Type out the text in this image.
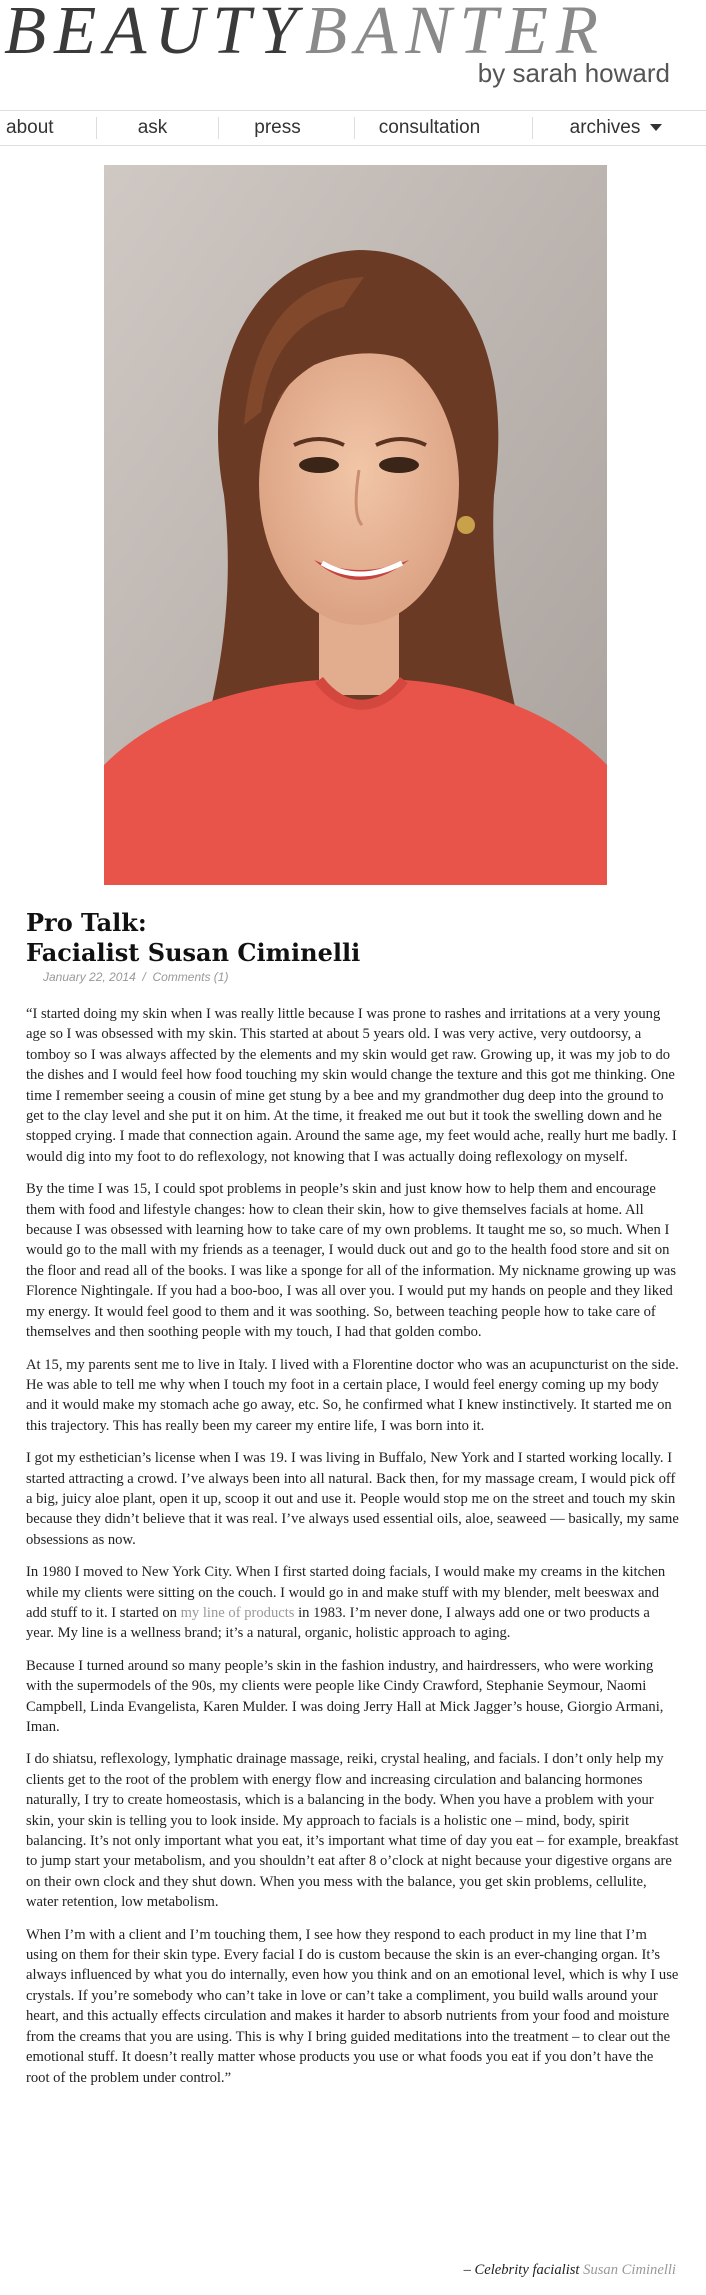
BEAUTYBANTER
by sarah howard
about	ask	press	consultation	archives
Pro Talk:
Facialist Susan Ciminelli
January 22, 2014 / Comments (1)

“I started doing my skin when I was really little because I was prone to rashes and irritations at a very young age so I was obsessed with my skin. This started at about 5 years old. I was very active, very outdoorsy, a tomboy so I was always affected by the elements and my skin would get raw. Growing up, it was my job to do the dishes and I would feel how food touching my skin would change the texture and this got me thinking. One time I remember seeing a cousin of mine get stung by a bee and my grandmother dug deep into the ground to get to the clay level and she put it on him. At the time, it freaked me out but it took the swelling down and he stopped crying. I made that connection again. Around the same age, my feet would ache, really hurt me badly. I would dig into my foot to do reflexology, not knowing that I was actually doing reflexology on myself.

By the time I was 15, I could spot problems in people’s skin and just know how to help them and encourage them with food and lifestyle changes: how to clean their skin, how to give themselves facials at home. All because I was obsessed with learning how to take care of my own problems. It taught me so, so much. When I would go to the mall with my friends as a teenager, I would duck out and go to the health food store and sit on the floor and read all of the books. I was like a sponge for all of the information. My nickname growing up was Florence Nightingale. If you had a boo-boo, I was all over you. I would put my hands on people and they liked my energy. It would feel good to them and it was soothing. So, between teaching people how to take care of themselves and then soothing people with my touch, I had that golden combo.

At 15, my parents sent me to live in Italy. I lived with a Florentine doctor who was an acupuncturist on the side. He was able to tell me why when I touch my foot in a certain place, I would feel energy coming up my body and it would make my stomach ache go away, etc. So, he confirmed what I knew instinctively. It started me on this trajectory. This has really been my career my entire life, I was born into it.

I got my esthetician’s license when I was 19. I was living in Buffalo, New York and I started working locally. I started attracting a crowd. I’ve always been into all natural. Back then, for my massage cream, I would pick off a big, juicy aloe plant, open it up, scoop it out and use it. People would stop me on the street and touch my skin because they didn’t believe that it was real. I’ve always used essential oils, aloe, seaweed — basically, my same obsessions as now.

In 1980 I moved to New York City. When I first started doing facials, I would make my creams in the kitchen while my clients were sitting on the couch. I would go in and make stuff with my blender, melt beeswax and add stuff to it. I started on my line of products in 1983. I’m never done, I always add one or two products a year. My line is a wellness brand; it’s a natural, organic, holistic approach to aging.

Because I turned around so many people’s skin in the fashion industry, and hairdressers, who were working with the supermodels of the 90s, my clients were people like Cindy Crawford, Stephanie Seymour, Naomi Campbell, Linda Evangelista, Karen Mulder. I was doing Jerry Hall at Mick Jagger’s house, Giorgio Armani, Iman.

I do shiatsu, reflexology, lymphatic drainage massage, reiki, crystal healing, and facials. I don’t only help my clients get to the root of the problem with energy flow and increasing circulation and balancing hormones naturally, I try to create homeostasis, which is a balancing in the body. When you have a problem with your skin, your skin is telling you to look inside. My approach to facials is a holistic one – mind, body, spirit balancing. It’s not only important what you eat, it’s important what time of day you eat – for example, breakfast to jump start your metabolism, and you shouldn’t eat after 8 o’clock at night because your digestive organs are on their own clock and they shut down. When you mess with the balance, you get skin problems, cellulite, water retention, low metabolism.

When I’m with a client and I’m touching them, I see how they respond to each product in my line that I’m using on them for their skin type. Every facial I do is custom because the skin is an ever-changing organ. It’s always influenced by what you do internally, even how you think and on an emotional level, which is why I use crystals. If you’re somebody who can’t take in love or can’t take a compliment, you build walls around your heart, and this actually effects circulation and makes it harder to absorb nutrients from your food and moisture from the creams that you are using. This is why I bring guided meditations into the treatment – to clear out the emotional stuff. It doesn’t really matter whose products you use or what foods you eat if you don’t have the root of the problem under control.”

– Celebrity facialist Susan Ciminelli
